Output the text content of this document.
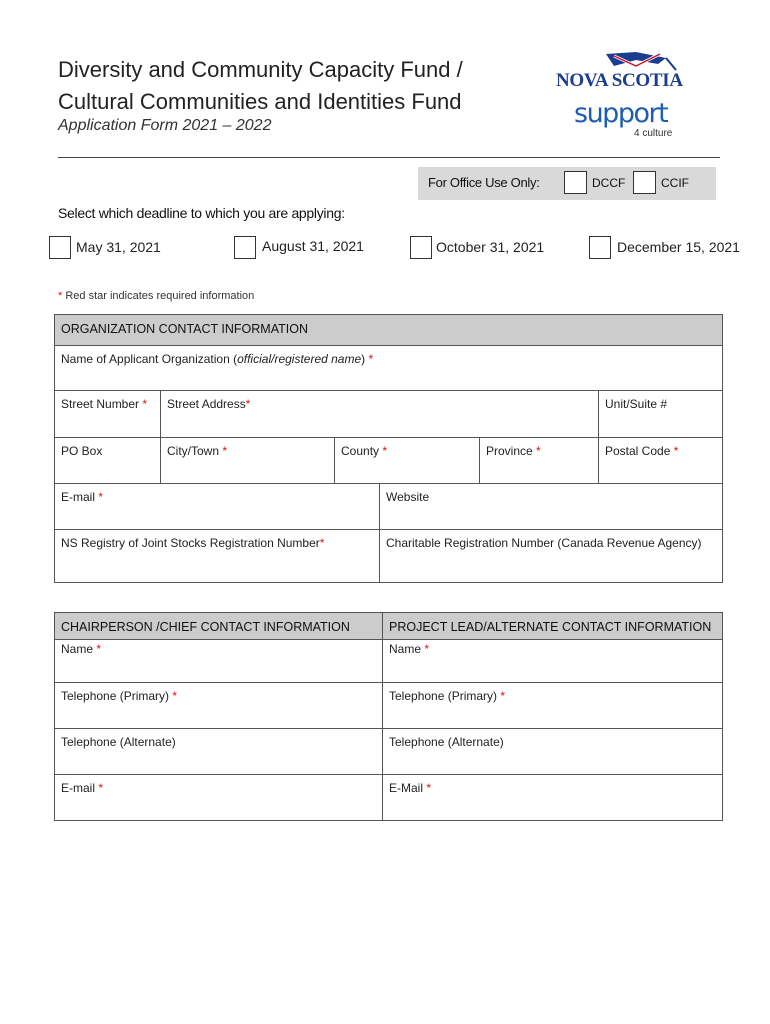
Diversity and Community Capacity Fund /
Cultural Communities and Identities Fund
Application Form 2021 – 2022
NOVA SCOTIA
support
4 culture
For Office Use Only:	DCCF	CCIF
Select which deadline to which you are applying:
May 31, 2021	August 31, 2021	October 31, 2021	December 15, 2021
* Red star indicates required information
ORGANIZATION CONTACT INFORMATION					
Name of Applicant Organization (official/registered name) *					
Street Number *	Street Address*				Unit/Suite #
PO Box	City/Town *	County *		Province *	Postal Code *
E-mail *			Website		
NS Registry of Joint Stocks Registration Number*			Charitable Registration Number (Canada Revenue Agency)		
CHAIRPERSON /CHIEF CONTACT INFORMATION	PROJECT LEAD/ALTERNATE CONTACT INFORMATION
Name *	Name *
Telephone (Primary) *	Telephone (Primary) *
Telephone (Alternate)	Telephone (Alternate)
E-mail *	E-Mail *
